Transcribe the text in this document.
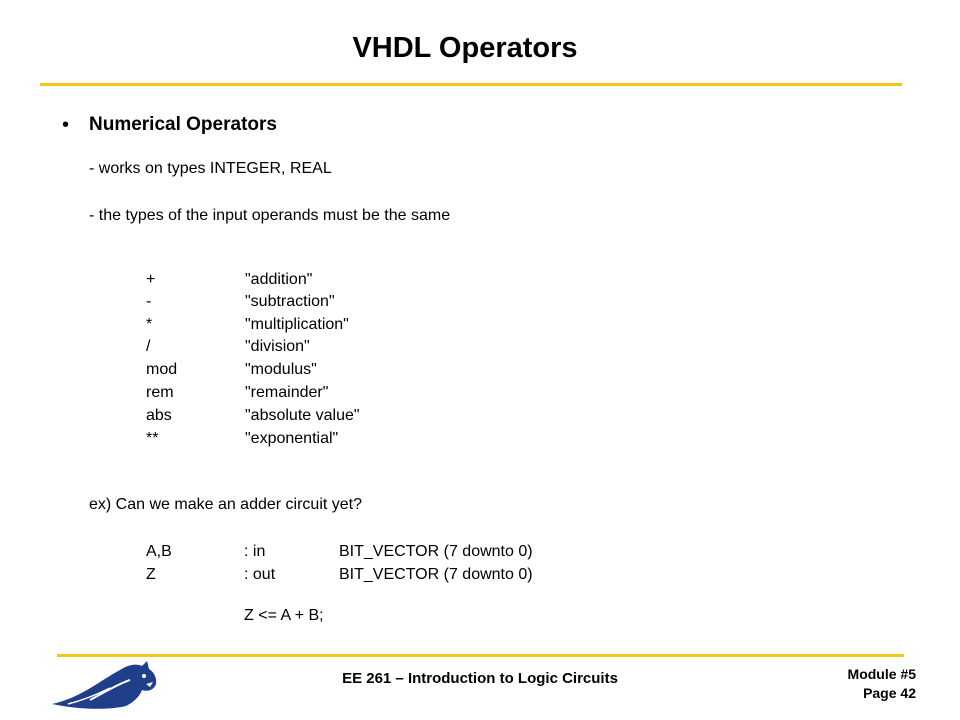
VHDL Operators
• Numerical Operators
- works on types INTEGER, REAL
- the types of the input operands must be the same
+	"addition"
-	"subtraction"
*	"multiplication"
/	"division"
mod	"modulus"
rem	"remainder"
abs	"absolute value"
**	"exponential"
ex) Can we make an adder circuit yet?
A,B	: in	BIT_VECTOR (7 downto 0)
Z	: out	BIT_VECTOR (7 downto 0)
Z <= A + B;
EE 261 – Introduction to Logic Circuits	Module #5
Page 42
